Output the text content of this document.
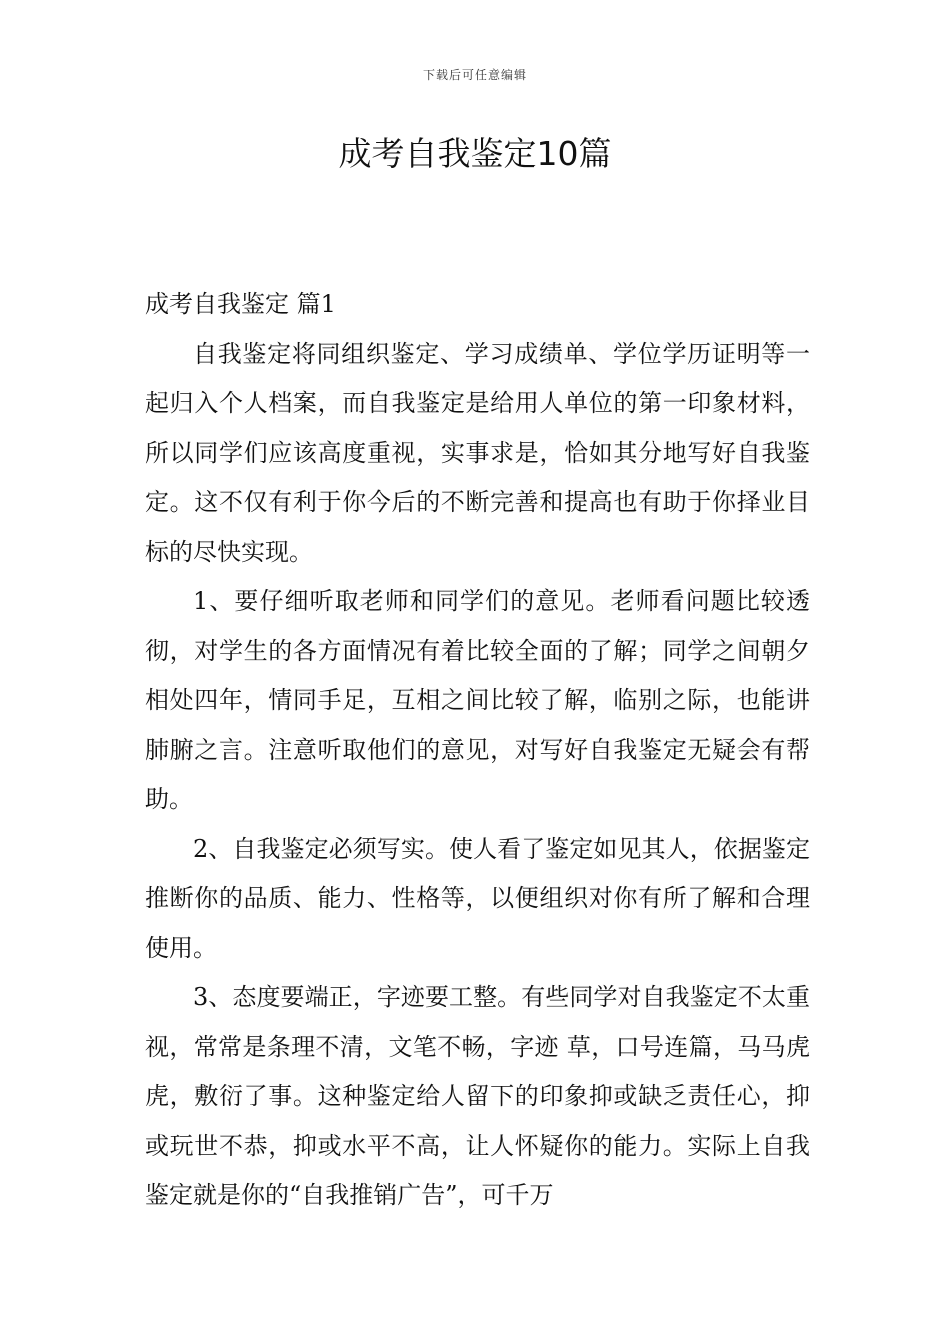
下载后可任意编辑
成考自我鉴定10篇
成考自我鉴定 篇1

自我鉴定将同组织鉴定、学习成绩单、学位学历证明等一起归入个人档案，而自我鉴定是给用人单位的第一印象材料，所以同学们应该高度重视，实事求是，恰如其分地写好自我鉴定。这不仅有利于你今后的不断完善和提高也有助于你择业目标的尽快实现。

1、要仔细听取老师和同学们的意见。老师看问题比较透彻，对学生的各方面情况有着比较全面的了解；同学之间朝夕相处四年，情同手足，互相之间比较了解，临别之际，也能讲肺腑之言。注意听取他们的意见，对写好自我鉴定无疑会有帮助。

2、自我鉴定必须写实。使人看了鉴定如见其人，依据鉴定推断你的品质、能力、性格等，以便组织对你有所了解和合理使用。

3、态度要端正，字迹要工整。有些同学对自我鉴定不太重视，常常是条理不清，文笔不畅，字迹 草，口号连篇，马马虎虎，敷衍了事。这种鉴定给人留下的印象抑或缺乏责任心，抑或玩世不恭，抑或水平不高，让人怀疑你的能力。实际上自我鉴定就是你的“自我推销广告”，可千万
